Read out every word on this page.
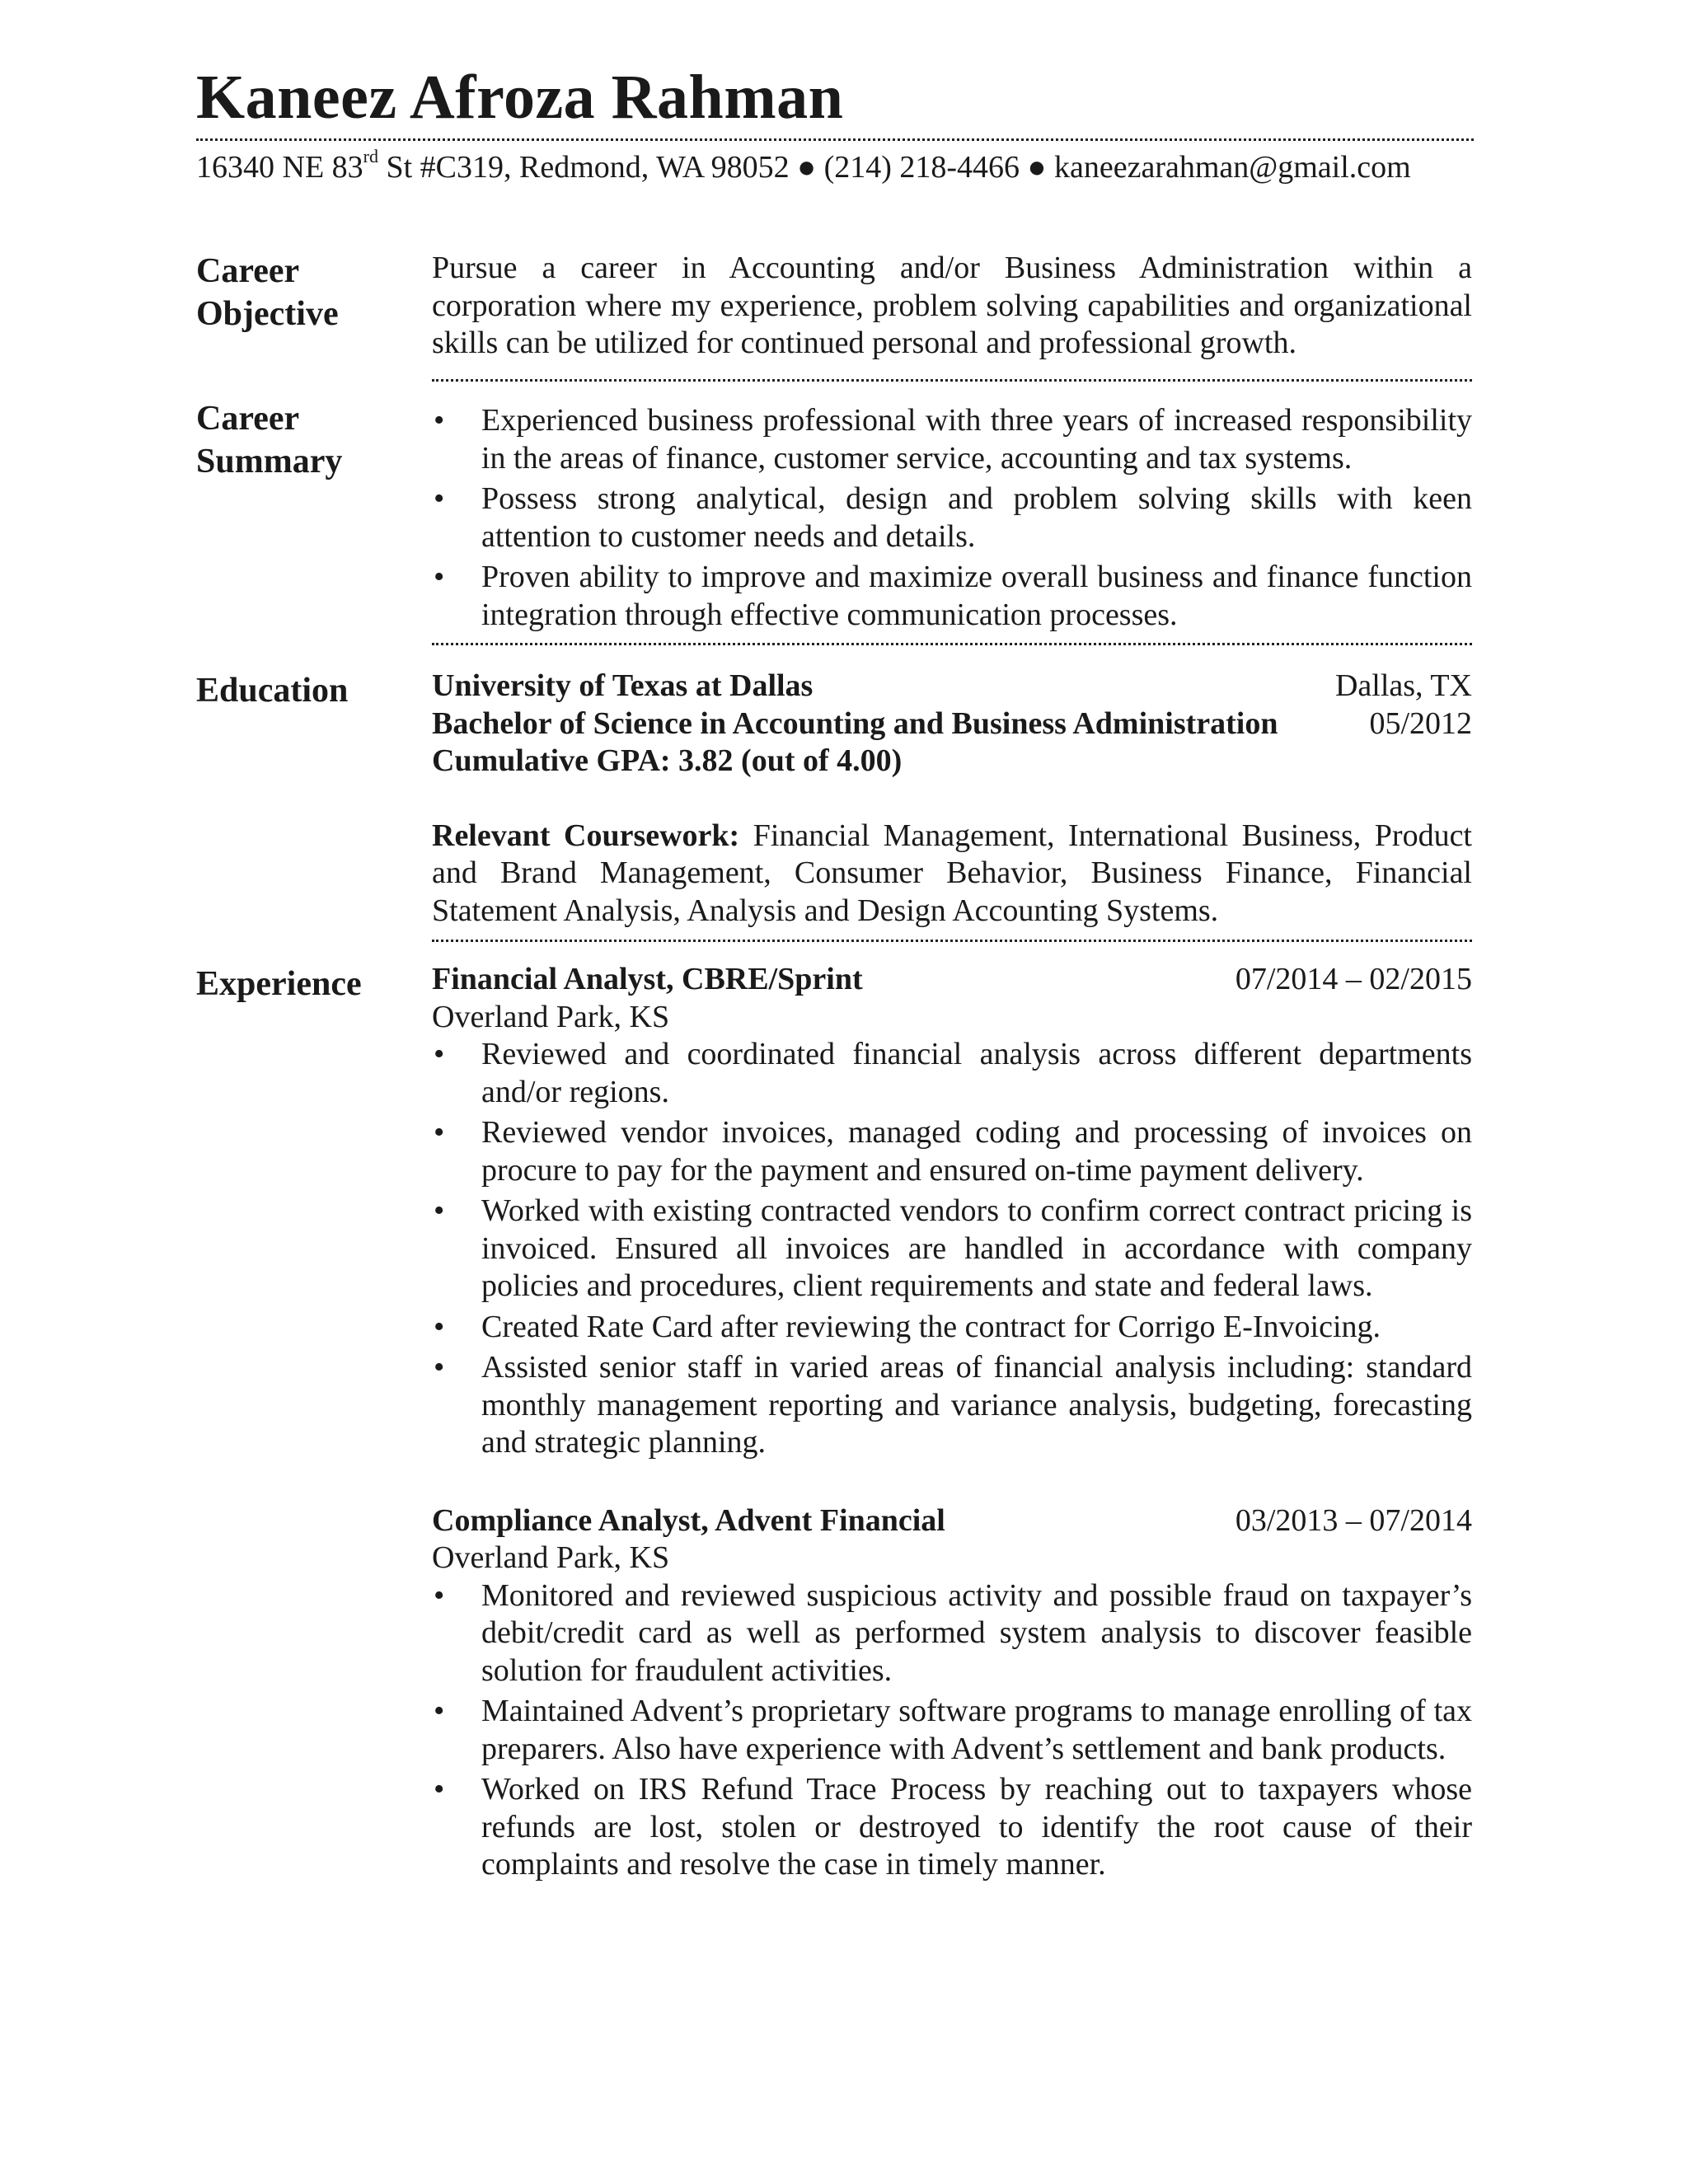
Kaneez Afroza Rahman
16340 NE 83rd St #C319, Redmond, WA 98052 ● (214) 218-4466 ● kaneezarahman@gmail.com
Career
Objective
Pursue a career in Accounting and/or Business Administration within a corporation where my experience, problem solving capabilities and organizational skills can be utilized for continued personal and professional growth.
Career
Summary
• Experienced business professional with three years of increased responsibility in the areas of finance, customer service, accounting and tax systems.
• Possess strong analytical, design and problem solving skills with keen attention to customer needs and details.
• Proven ability to improve and maximize overall business and finance function integration through effective communication processes.
Education	University of Texas at Dallas	Dallas, TX
Bachelor of Science in Accounting and Business Administration	05/2012
Cumulative GPA: 3.82 (out of 4.00)
Relevant Coursework: Financial Management, International Business, Product and Brand Management, Consumer Behavior, Business Finance, Financial Statement Analysis, Analysis and Design Accounting Systems.
Experience	Financial Analyst, CBRE/Sprint	07/2014 – 02/2015
Overland Park, KS
• Reviewed and coordinated financial analysis across different departments and/or regions.
• Reviewed vendor invoices, managed coding and processing of invoices on procure to pay for the payment and ensured on-time payment delivery.
• Worked with existing contracted vendors to confirm correct contract pricing is invoiced. Ensured all invoices are handled in accordance with company policies and procedures, client requirements and state and federal laws.
• Created Rate Card after reviewing the contract for Corrigo E-Invoicing.
• Assisted senior staff in varied areas of financial analysis including: standard monthly management reporting and variance analysis, budgeting, forecasting and strategic planning.
Compliance Analyst, Advent Financial	03/2013 – 07/2014
Overland Park, KS
• Monitored and reviewed suspicious activity and possible fraud on taxpayer’s debit/credit card as well as performed system analysis to discover feasible solution for fraudulent activities.
• Maintained Advent’s proprietary software programs to manage enrolling of tax preparers. Also have experience with Advent’s settlement and bank products.
• Worked on IRS Refund Trace Process by reaching out to taxpayers whose refunds are lost, stolen or destroyed to identify the root cause of their complaints and resolve the case in timely manner.
